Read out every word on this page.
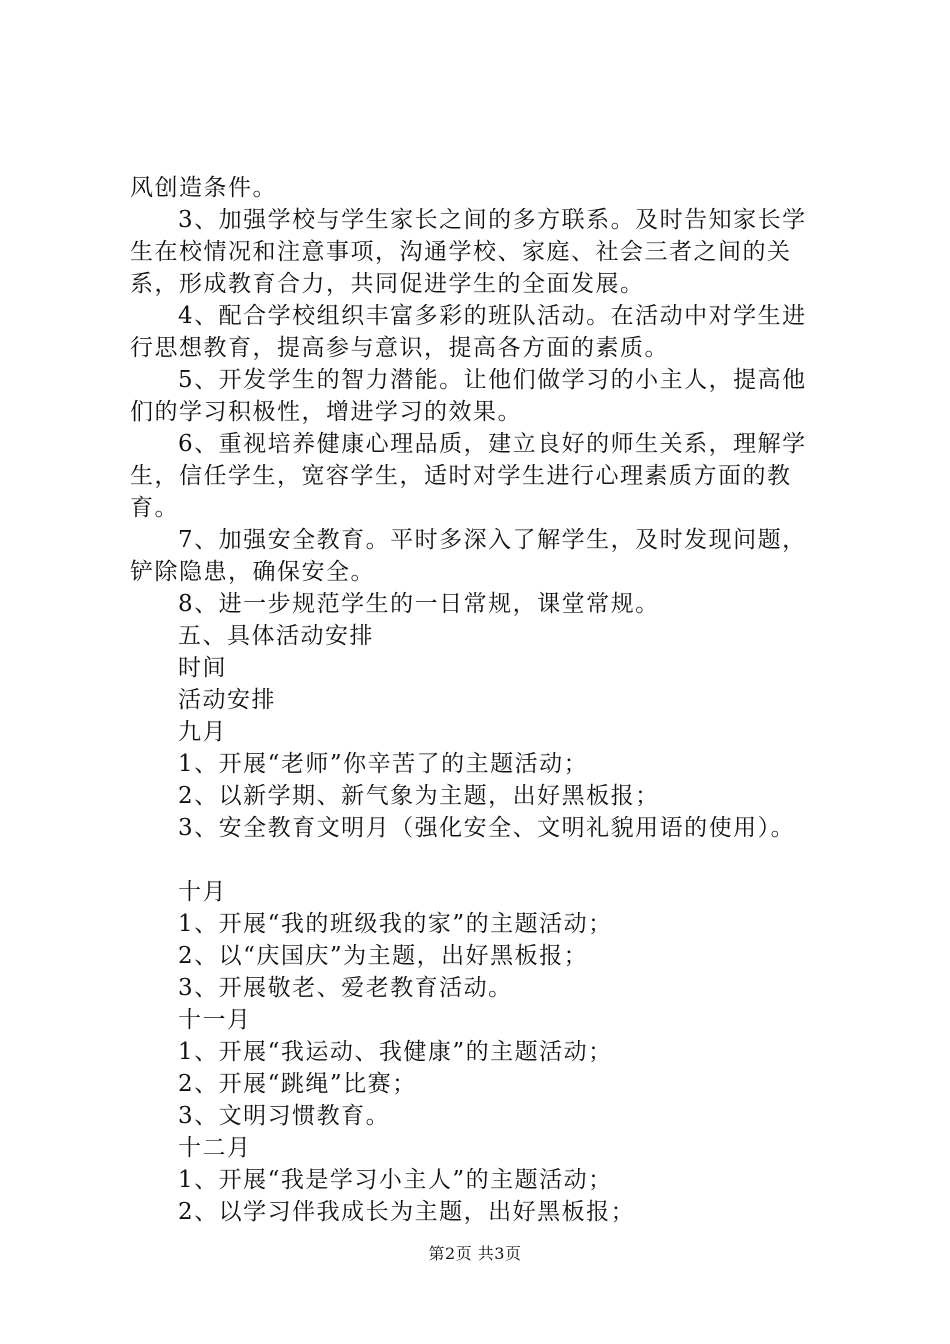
风创造条件。
3、加强学校与学生家长之间的多方联系。及时告知家长学
生在校情况和注意事项，沟通学校、家庭、社会三者之间的关
系，形成教育合力，共同促进学生的全面发展。
4、配合学校组织丰富多彩的班队活动。在活动中对学生进
行思想教育，提高参与意识，提高各方面的素质。
5、开发学生的智力潜能。让他们做学习的小主人，提高他
们的学习积极性，增进学习的效果。
6、重视培养健康心理品质，建立良好的师生关系，理解学
生，信任学生，宽容学生，适时对学生进行心理素质方面的教
育。
7、加强安全教育。平时多深入了解学生，及时发现问题，
铲除隐患，确保安全。
8、进一步规范学生的一日常规，课堂常规。
五、具体活动安排
时间
活动安排
九月
1、开展“老师”你辛苦了的主题活动；
2、以新学期、新气象为主题，出好黑板报；
3、安全教育文明月（强化安全、文明礼貌用语的使用）。
十月
1、开展“我的班级我的家”的主题活动；
2、以“庆国庆”为主题，出好黑板报；
3、开展敬老、爱老教育活动。
十一月
1、开展“我运动、我健康”的主题活动；
2、开展“跳绳”比赛；
3、文明习惯教育。
十二月
1、开展“我是学习小主人”的主题活动；
2、以学习伴我成长为主题，出好黑板报；
第2页 共3页
